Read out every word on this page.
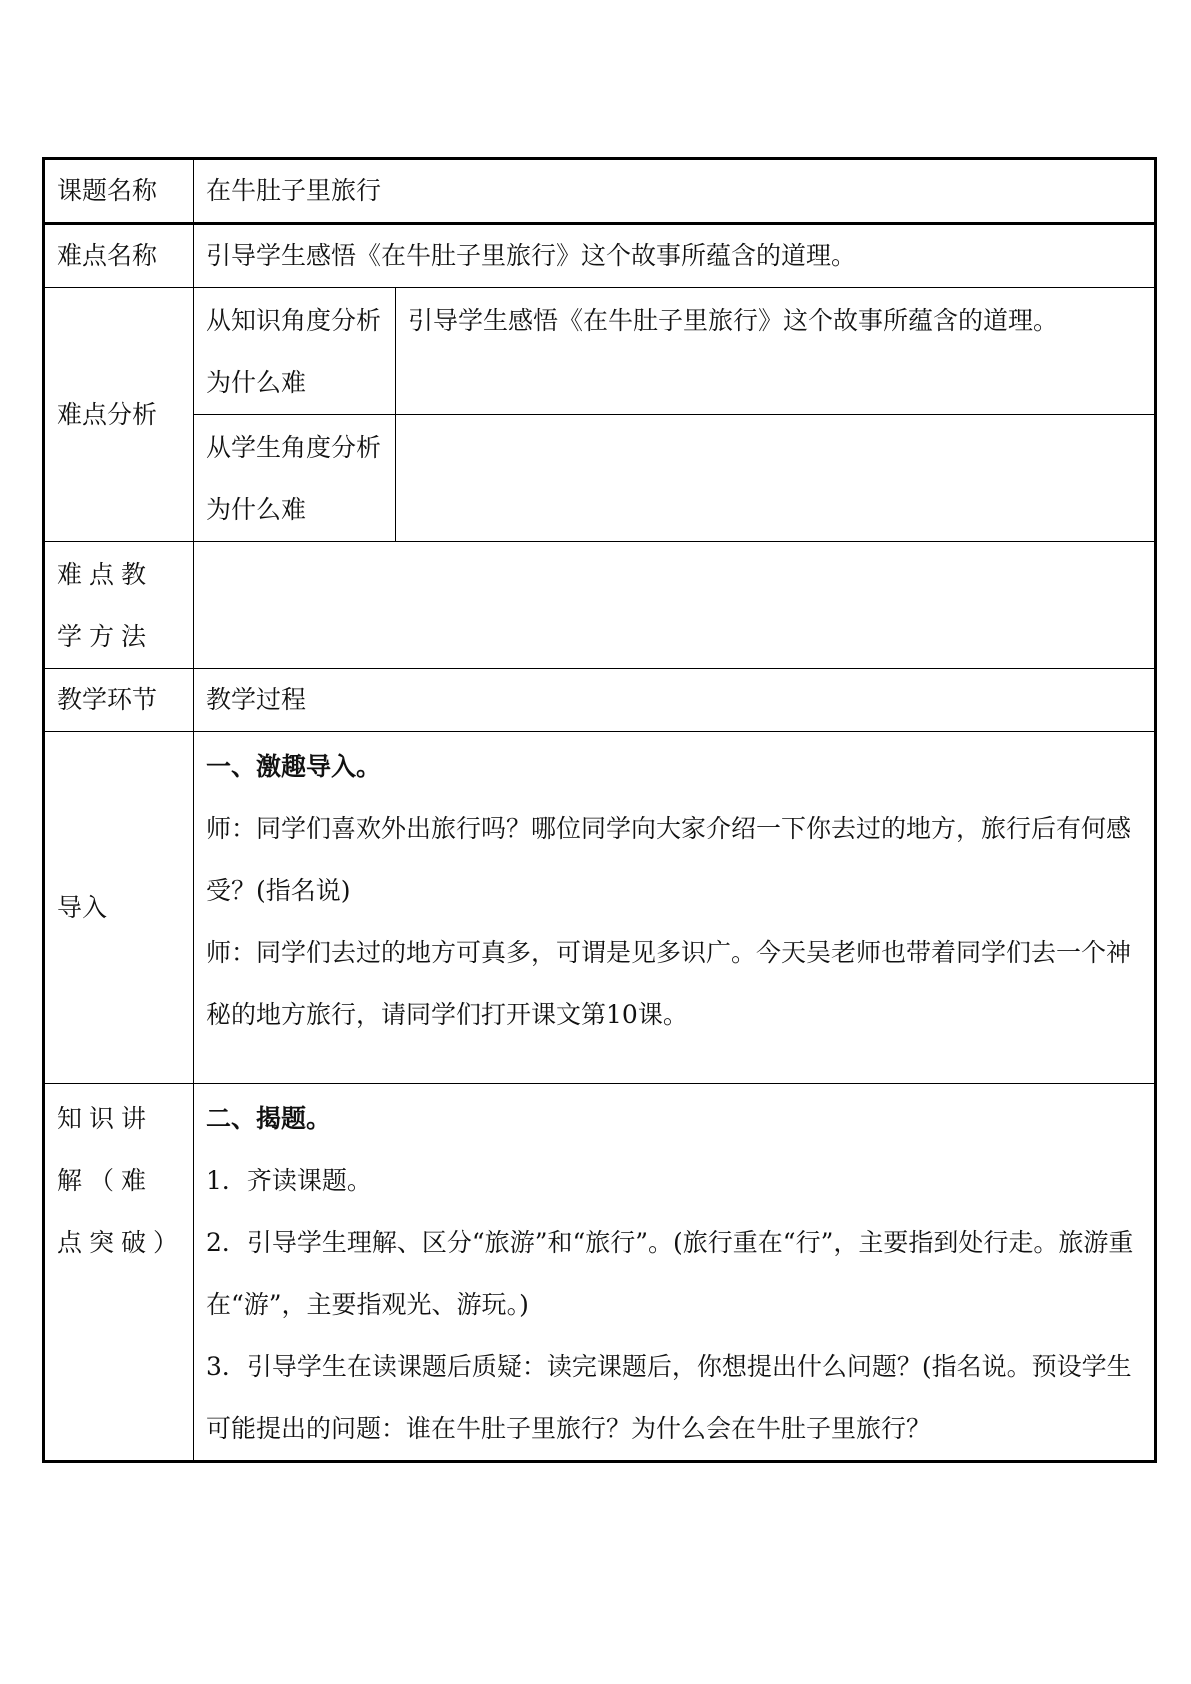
课题名称	在牛肚子里旅行	
难点名称	引导学生感悟《在牛肚子里旅行》这个故事所蕴含的道理。	
难点分析	从知识角度分析为什么难	引导学生感悟《在牛肚子里旅行》这个故事所蕴含的道理。
	从学生角度分析为什么难	
难点教学方法		
教学环节	教学过程	
导入	一、激趣导入。
师：同学们喜欢外出旅行吗？哪位同学向大家介绍一下你去过的地方，旅行后有何感受？(指名说)
师：同学们去过的地方可真多，可谓是见多识广。今天吴老师也带着同学们去一个神秘的地方旅行，请同学们打开课文第10课。	

知识讲解（难点突破）	二、揭题。
1．齐读课题。
2．引导学生理解、区分“旅游”和“旅行”。(旅行重在“行”，主要指到处行走。旅游重在“游”，主要指观光、游玩。)
3．引导学生在读课题后质疑：读完课题后，你想提出什么问题？(指名说。预设学生可能提出的问题：谁在牛肚子里旅行？为什么会在牛肚子里旅行？	
